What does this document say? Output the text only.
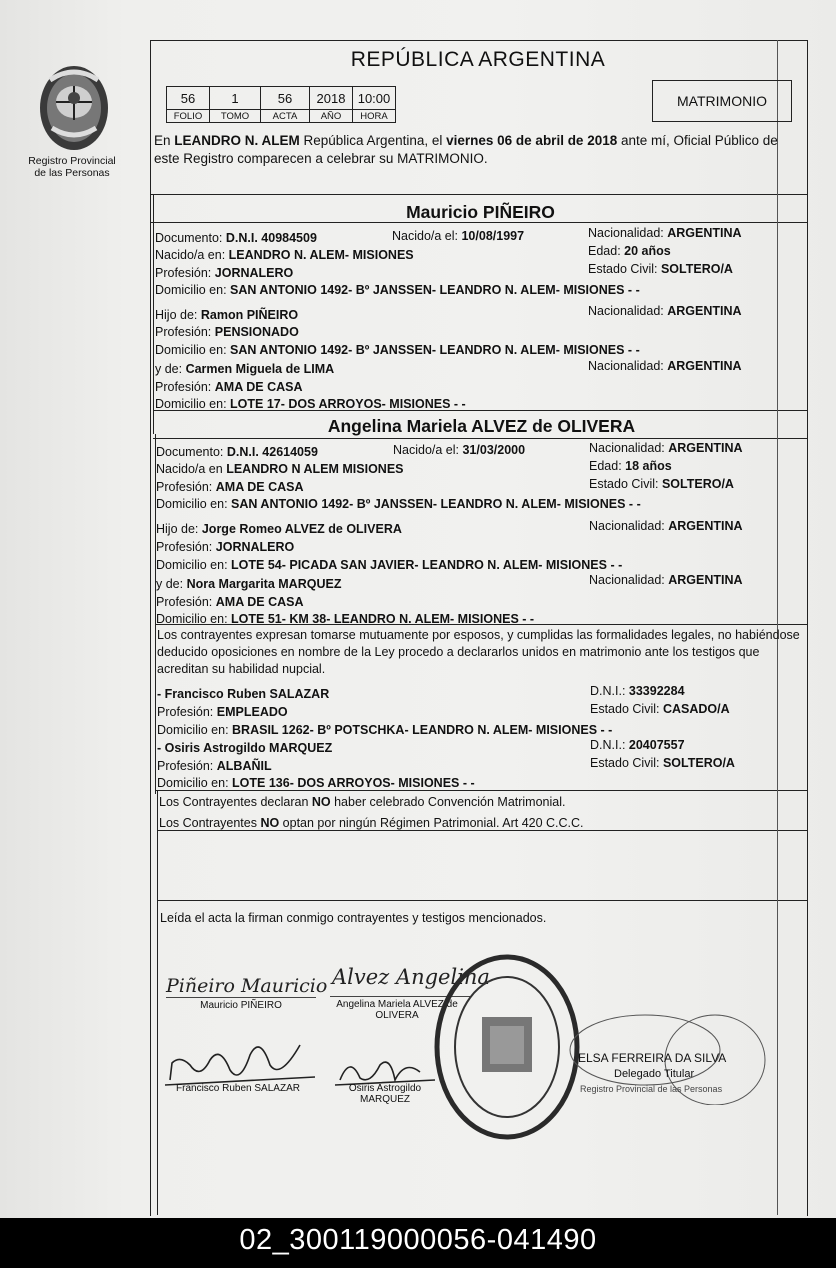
Registro Provincial
de las Personas
REPÚBLICA ARGENTINA
56	1	56	2018	10:00
FOLIO	TOMO	ACTA	AÑO	HORA
MATRIMONIO
En LEANDRO N. ALEM República Argentina, el viernes 06 de abril de 2018 ante mí, Oficial Público de este Registro comparecen a celebrar su MATRIMONIO.
Mauricio PIÑEIRO
Documento: D.N.I. 40984509	Nacido/a el: 10/08/1997	Nacionalidad: ARGENTINA
Nacido/a en: LEANDRO N. ALEM- MISIONES	Edad: 20 años
Profesión: JORNALERO	Estado Civil: SOLTERO/A
Domicilio en: SAN ANTONIO 1492- Bº JANSSEN- LEANDRO N. ALEM- MISIONES - -
Hijo de: Ramon PIÑEIRO	Nacionalidad: ARGENTINA
Profesión: PENSIONADO
Domicilio en: SAN ANTONIO 1492- Bº JANSSEN- LEANDRO N. ALEM- MISIONES - -
y de: Carmen Miguela de LIMA	Nacionalidad: ARGENTINA
Profesión: AMA DE CASA
Domicilio en: LOTE 17- DOS ARROYOS- MISIONES - -
Angelina Mariela ALVEZ de OLIVERA
Documento: D.N.I. 42614059	Nacido/a el: 31/03/2000	Nacionalidad: ARGENTINA
Nacido/a en LEANDRO N ALEM MISIONES	Edad: 18 años
Profesión: AMA DE CASA	Estado Civil: SOLTERO/A
Domicilio en: SAN ANTONIO 1492- Bº JANSSEN- LEANDRO N. ALEM- MISIONES - -
Hijo de: Jorge Romeo ALVEZ de OLIVERA	Nacionalidad: ARGENTINA
Profesión: JORNALERO
Domicilio en: LOTE 54- PICADA SAN JAVIER- LEANDRO N. ALEM- MISIONES - -
y de: Nora Margarita MARQUEZ	Nacionalidad: ARGENTINA
Profesión: AMA DE CASA
Domicilio en: LOTE 51- KM 38- LEANDRO N. ALEM- MISIONES - -
Los contrayentes expresan tomarse mutuamente por esposos, y cumplidas las formalidades legales, no habiéndose deducido oposiciones en nombre de la Ley procedo a declararlos unidos en matrimonio ante los testigos que acreditan su habilidad nupcial.
- Francisco Ruben SALAZAR	D.N.I.: 33392284
Profesión: EMPLEADO	Estado Civil: CASADO/A
Domicilio en: BRASIL 1262- Bº POTSCHKA- LEANDRO N. ALEM- MISIONES - -
- Osiris Astrogildo MARQUEZ	D.N.I.: 20407557
Profesión: ALBAÑIL	Estado Civil: SOLTERO/A
Domicilio en: LOTE 136- DOS ARROYOS- MISIONES - -
Los Contrayentes declaran NO haber celebrado Convención Matrimonial.
Los Contrayentes NO optan por ningún Régimen Patrimonial. Art 420 C.C.C.
Leída el acta la firman conmigo contrayentes y testigos mencionados.
Piñeiro Mauricio
Mauricio PIÑEIRO
Alvez Angelina
Angelina Mariela ALVEZ de
OLIVERA
Francisco Ruben SALAZAR	Osiris Astrogildo
MARQUEZ
ELSA FERREIRA DA SILVA
Delegado Titular
Registro Provincial de las Personas
02_300119000056-041490
